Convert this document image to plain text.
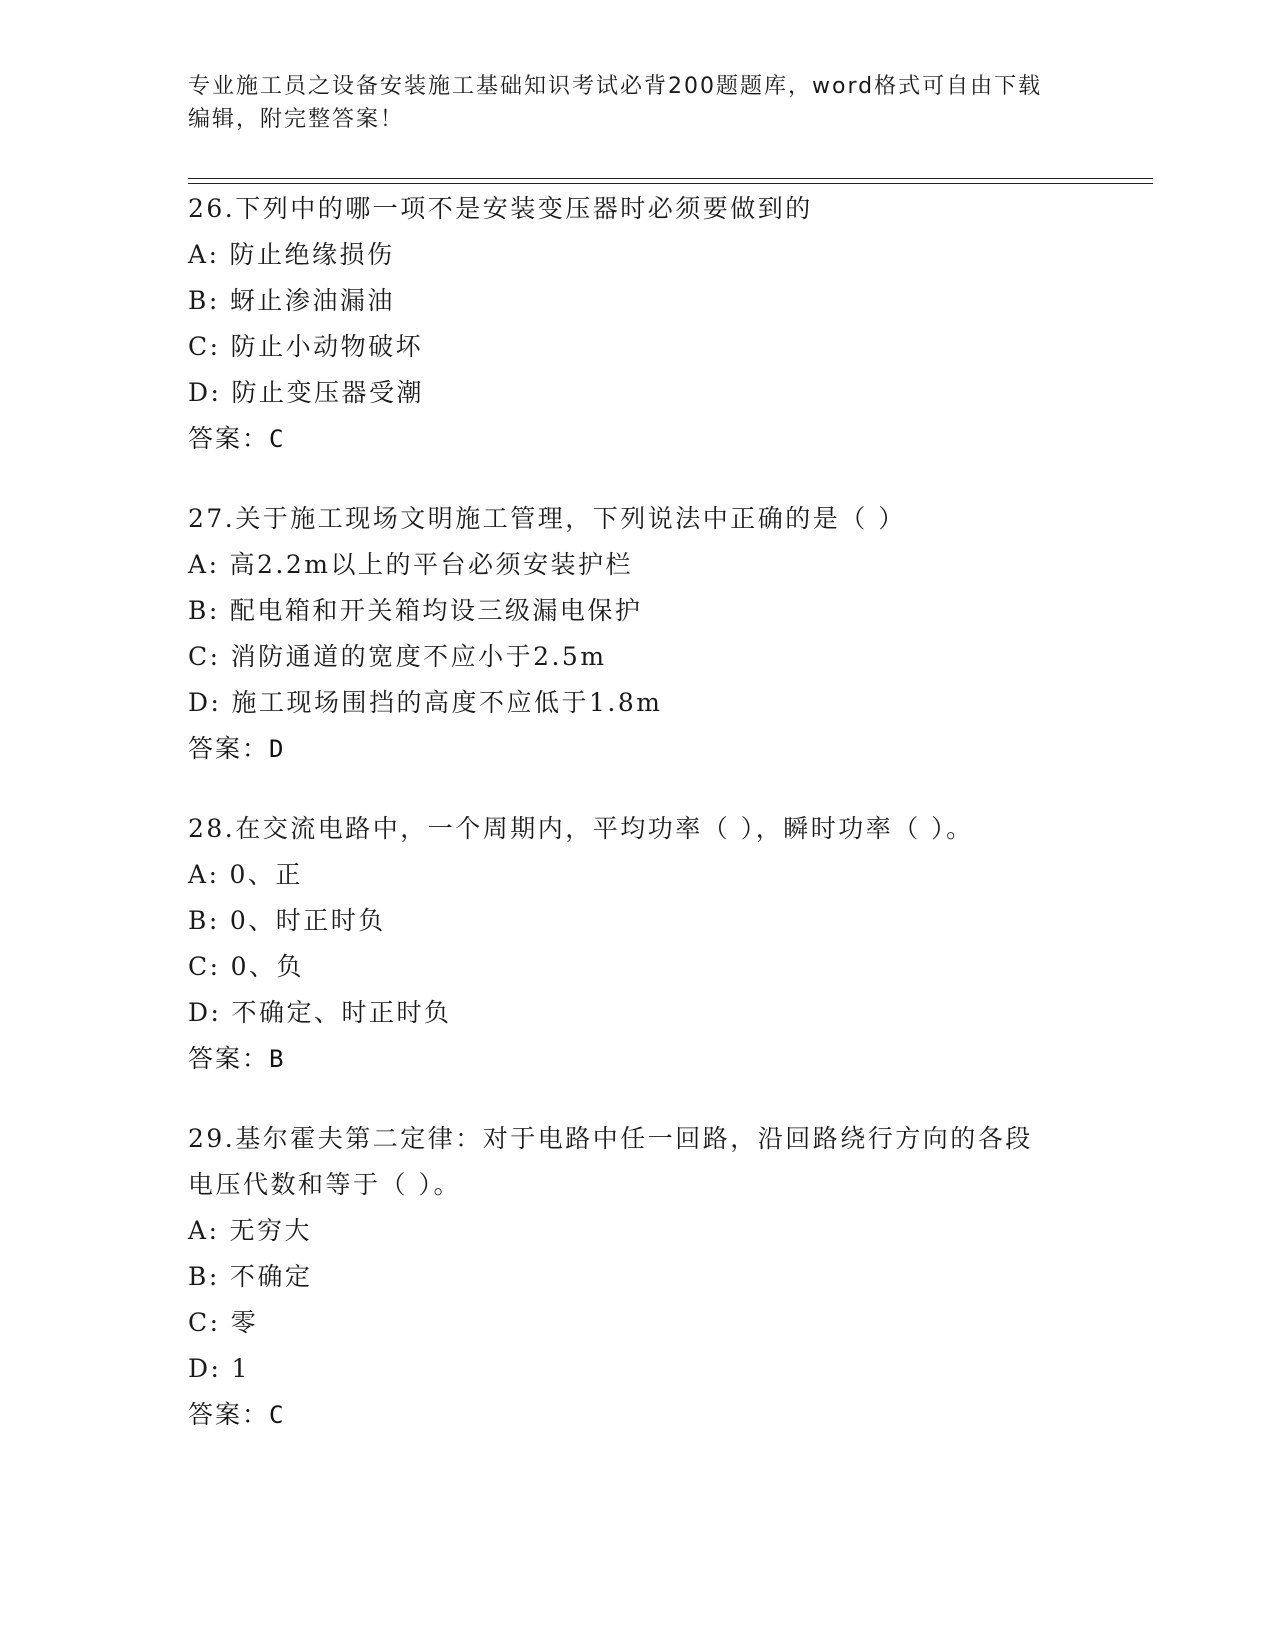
专业施工员之设备安装施工基础知识考试必背200题题库，word格式可自由下载
编辑，附完整答案！
26.下列中的哪一项不是安装变压器时必须要做到的
A: 防止绝缘损伤
B: 蚜止渗油漏油
C: 防止小动物破坏
D: 防止变压器受潮
答案：C
27.关于施工现场文明施工管理，下列说法中正确的是（ ）
A: 高2.2m以上的平台必须安装护栏
B: 配电箱和开关箱均设三级漏电保护
C: 消防通道的宽度不应小于2.5m
D: 施工现场围挡的高度不应低于1.8m
答案：D
28.在交流电路中，一个周期内，平均功率（ ），瞬时功率（ ）。
A: 0、正
B: 0、时正时负
C: 0、负
D: 不确定、时正时负
答案：B
29.基尔霍夫第二定律：对于电路中任一回路，沿回路绕行方向的各段
电压代数和等于（ ）。
A: 无穷大
B: 不确定
C: 零
D: 1
答案：C
